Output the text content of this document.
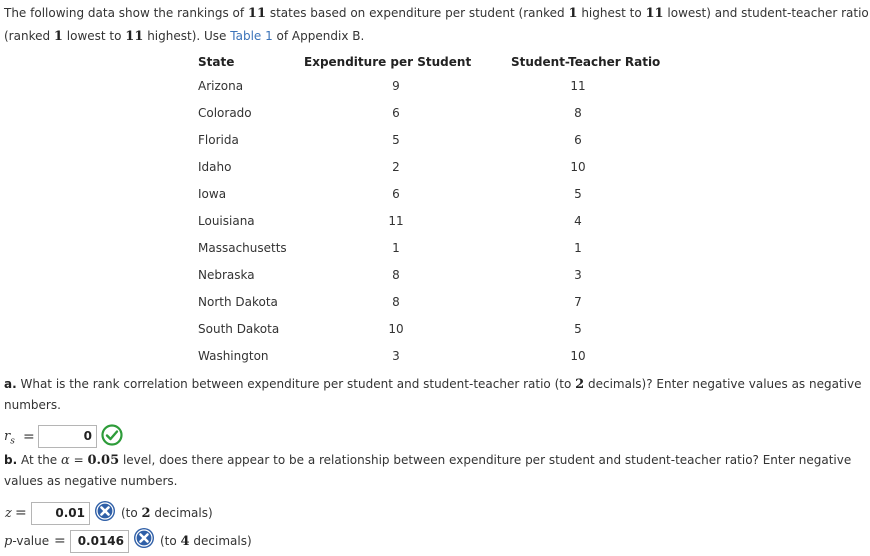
The following data show the rankings of 11 states based on expenditure per student (ranked 1 highest to 11 lowest) and student-teacher ratio
(ranked 1 lowest to 11 highest). Use Table 1 of Appendix B.
State	Expenditure per Student	Student-Teacher Ratio
Arizona	9	11
Colorado	6	8
Florida	5	6
Idaho	2	10
Iowa	6	5
Louisiana	11	4
Massachusetts	1	1
Nebraska	8	3
North Dakota	8	7
South Dakota	10	5
Washington	3	10
a. What is the rank correlation between expenditure per student and student-teacher ratio (to 2 decimals)? Enter negative values as negative
numbers.
$r_s$ =	0
b. At the α = 0.05 level, does there appear to be a relationship between expenditure per student and student-teacher ratio? Enter negative
values as negative numbers.
z =	0.01	(to 2 decimals)
p-value = 0.0146	(to 4 decimals)
